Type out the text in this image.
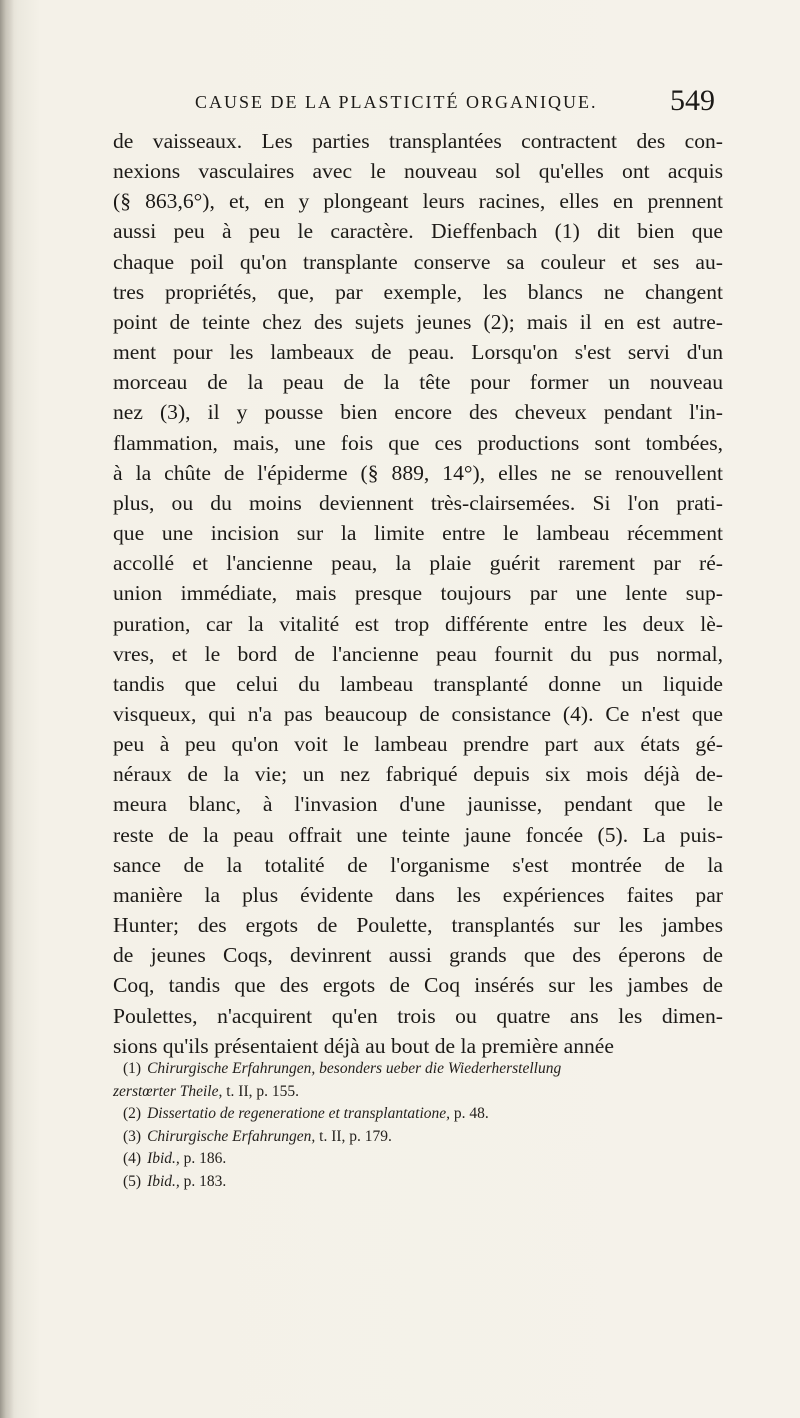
CAUSE DE LA PLASTICITÉ ORGANIQUE. 549
de vaisseaux. Les parties transplantées contractent des con-
nexions vasculaires avec le nouveau sol qu'elles ont acquis
(§ 863,6°), et, en y plongeant leurs racines, elles en prennent
aussi peu à peu le caractère. Dieffenbach (1) dit bien que
chaque poil qu'on transplante conserve sa couleur et ses au-
tres propriétés, que, par exemple, les blancs ne changent
point de teinte chez des sujets jeunes (2); mais il en est autre-
ment pour les lambeaux de peau. Lorsqu'on s'est servi d'un
morceau de la peau de la tête pour former un nouveau
nez (3), il y pousse bien encore des cheveux pendant l'in-
flammation, mais, une fois que ces productions sont tombées,
à la chûte de l'épiderme (§ 889, 14°), elles ne se renouvellent
plus, ou du moins deviennent très-clairsemées. Si l'on prati-
que une incision sur la limite entre le lambeau récemment
accollé et l'ancienne peau, la plaie guérit rarement par ré-
union immédiate, mais presque toujours par une lente sup-
puration, car la vitalité est trop différente entre les deux lè-
vres, et le bord de l'ancienne peau fournit du pus normal,
tandis que celui du lambeau transplanté donne un liquide
visqueux, qui n'a pas beaucoup de consistance (4). Ce n'est que
peu à peu qu'on voit le lambeau prendre part aux états gé-
néraux de la vie; un nez fabriqué depuis six mois déjà de-
meura blanc, à l'invasion d'une jaunisse, pendant que le
reste de la peau offrait une teinte jaune foncée (5). La puis-
sance de la totalité de l'organisme s'est montrée de la
manière la plus évidente dans les expériences faites par
Hunter; des ergots de Poulette, transplantés sur les jambes
de jeunes Coqs, devinrent aussi grands que des éperons de
Coq, tandis que des ergots de Coq insérés sur les jambes de
Poulettes, n'acquirent qu'en trois ou quatre ans les dimen-
sions qu'ils présentaient déjà au bout de la première année
(1) Chirurgische Erfahrungen, besonders ueber die Wiederherstellung
zerstœrter Theile, t. II, p. 155.
(2) Dissertatio de regeneratione et transplantatione, p. 48.
(3) Chirurgische Erfahrungen, t. II, p. 179.
(4) Ibid., p. 186.
(5) Ibid., p. 183.
